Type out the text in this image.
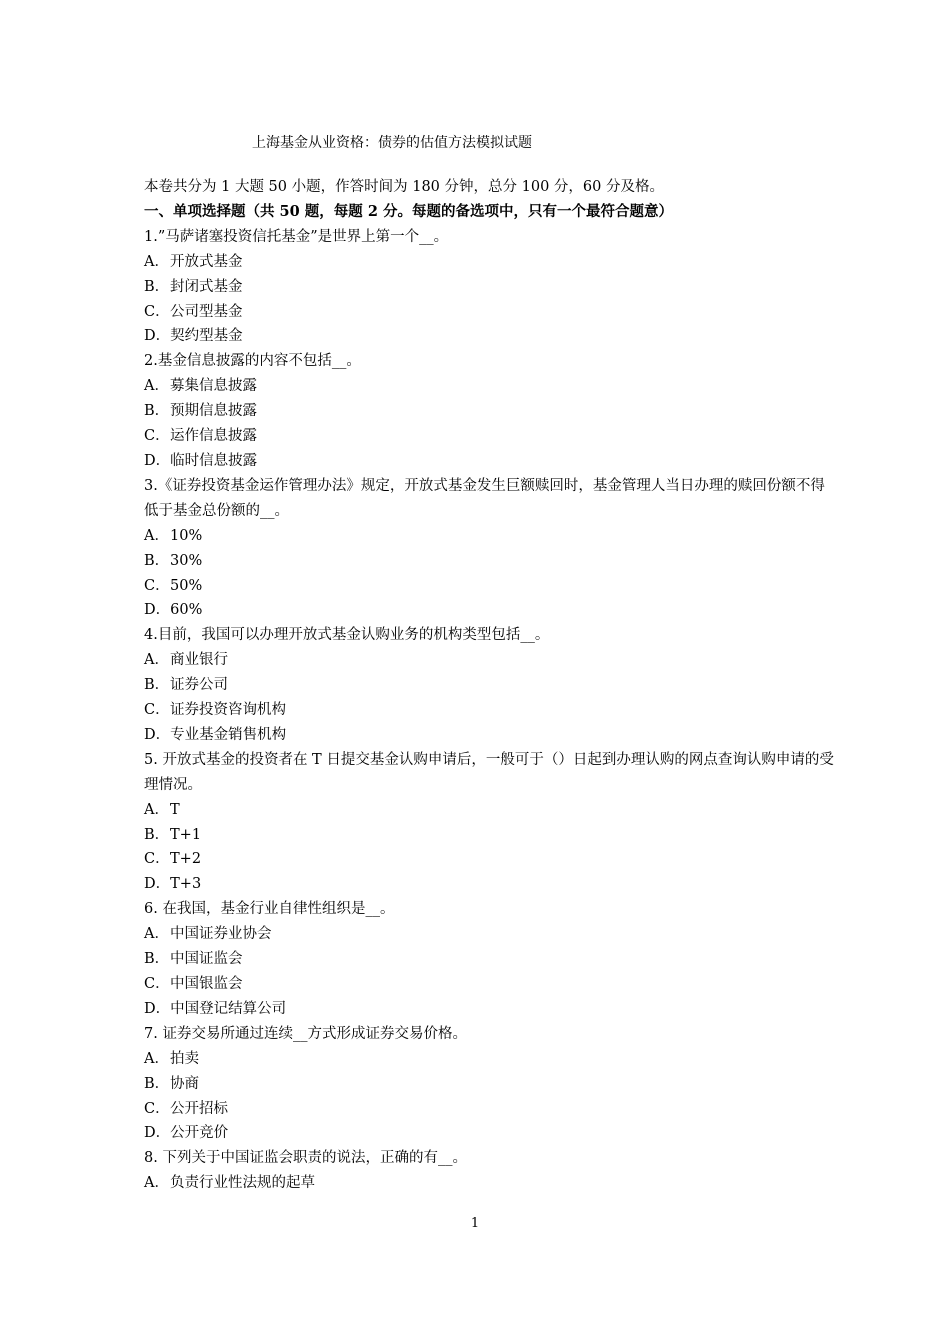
上海基金从业资格：债券的估值方法模拟试题

本卷共分为 1 大题 50 小题，作答时间为 180 分钟，总分 100 分，60 分及格。

一、单项选择题（共 50 题，每题 2 分。每题的备选项中，只有一个最符合题意）

1.”马萨诸塞投资信托基金”是世界上第一个__。

A．开放式基金

B．封闭式基金

C．公司型基金

D．契约型基金

2.基金信息披露的内容不包括__。

A．募集信息披露

B．预期信息披露

C．运作信息披露

D．临时信息披露

3.《证券投资基金运作管理办法》规定，开放式基金发生巨额赎回时，基金管理人当日办理的赎回份额不得低于基金总份额的__。

A．10%

B．30%

C．50%

D．60%

4.目前，我国可以办理开放式基金认购业务的机构类型包括__。

A．商业银行

B．证券公司

C．证券投资咨询机构

D．专业基金销售机构

5. 开放式基金的投资者在 T 日提交基金认购申请后，一般可于（）日起到办理认购的网点查询认购申请的受理情况。

A．T

B．T+1

C．T+2

D．T+3

6. 在我国，基金行业自律性组织是__。

A．中国证券业协会

B．中国证监会

C．中国银监会

D．中国登记结算公司

7. 证券交易所通过连续__方式形成证券交易价格。

A．拍卖

B．协商

C．公开招标

D．公开竞价

8. 下列关于中国证监会职责的说法，正确的有__。

A．负责行业性法规的起草

1
